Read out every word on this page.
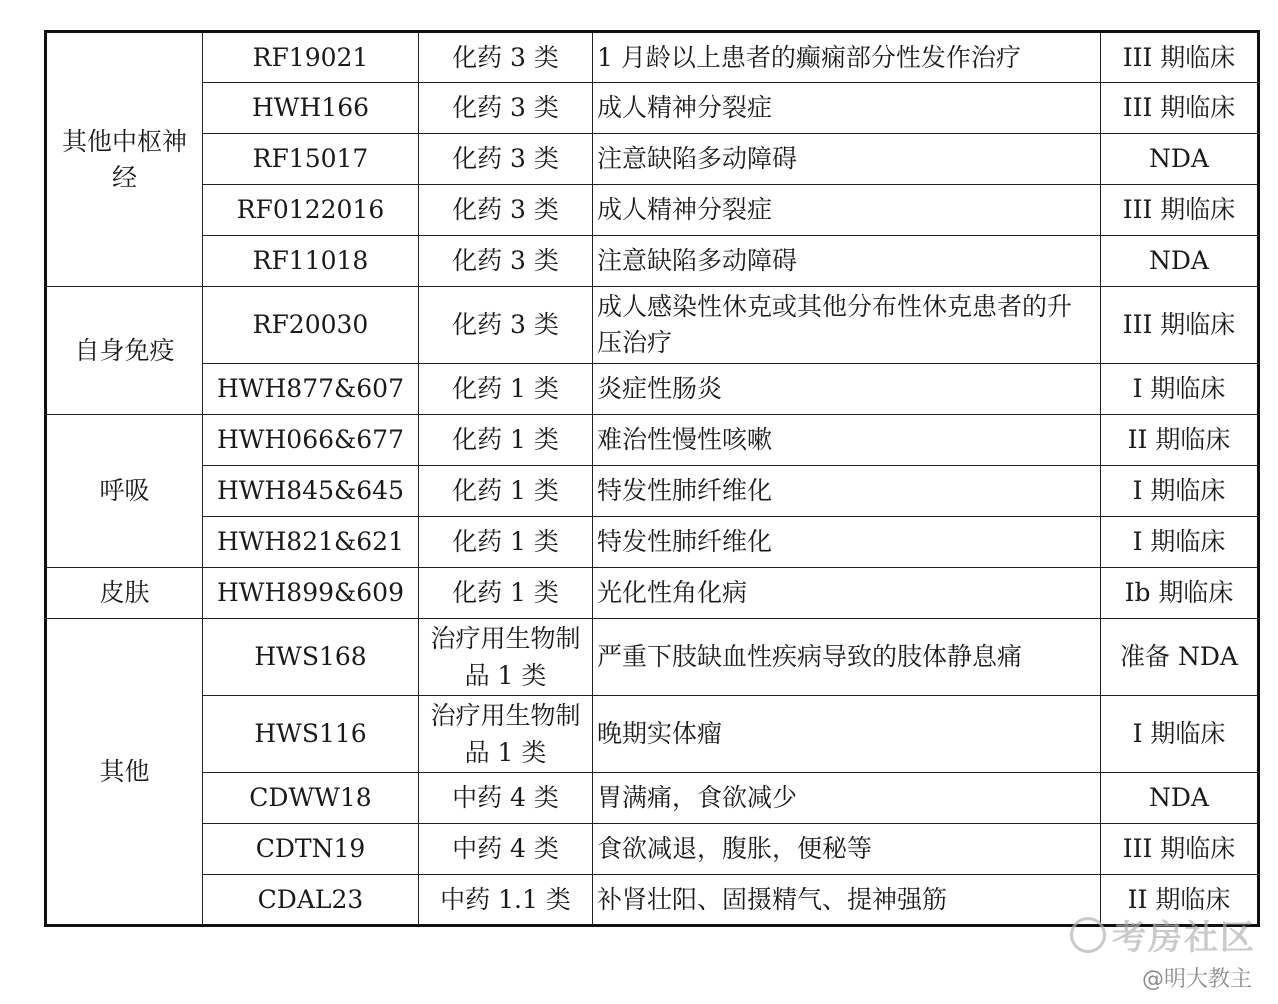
其他中枢神经	RF19021	化药 3 类	1 月龄以上患者的癫痫部分性发作治疗	III 期临床
	HWH166	化药 3 类	成人精神分裂症	III 期临床
	RF15017	化药 3 类	注意缺陷多动障碍	NDA
	RF0122016	化药 3 类	成人精神分裂症	III 期临床
	RF11018	化药 3 类	注意缺陷多动障碍	NDA
自身免疫	RF20030	化药 3 类	成人感染性休克或其他分布性休克患者的升压治疗	III 期临床
	HWH877&607	化药 1 类	炎症性肠炎	I 期临床
呼吸	HWH066&677	化药 1 类	难治性慢性咳嗽	II 期临床
	HWH845&645	化药 1 类	特发性肺纤维化	I 期临床
	HWH821&621	化药 1 类	特发性肺纤维化	I 期临床
皮肤	HWH899&609	化药 1 类	光化性角化病	Ib 期临床
其他	HWS168	治疗用生物制品 1 类	严重下肢缺血性疾病导致的肢体静息痛	准备 NDA
	HWS116	治疗用生物制品 1 类	晚期实体瘤	I 期临床
	CDWW18	中药 4 类	胃满痛，食欲减少	NDA
	CDTN19	中药 4 类	食欲减退，腹胀，便秘等	III 期临床
	CDAL23	中药 1.1 类	补肾壮阳、固摄精气、提神强筋	II 期临床
考房社区
@明大教主
